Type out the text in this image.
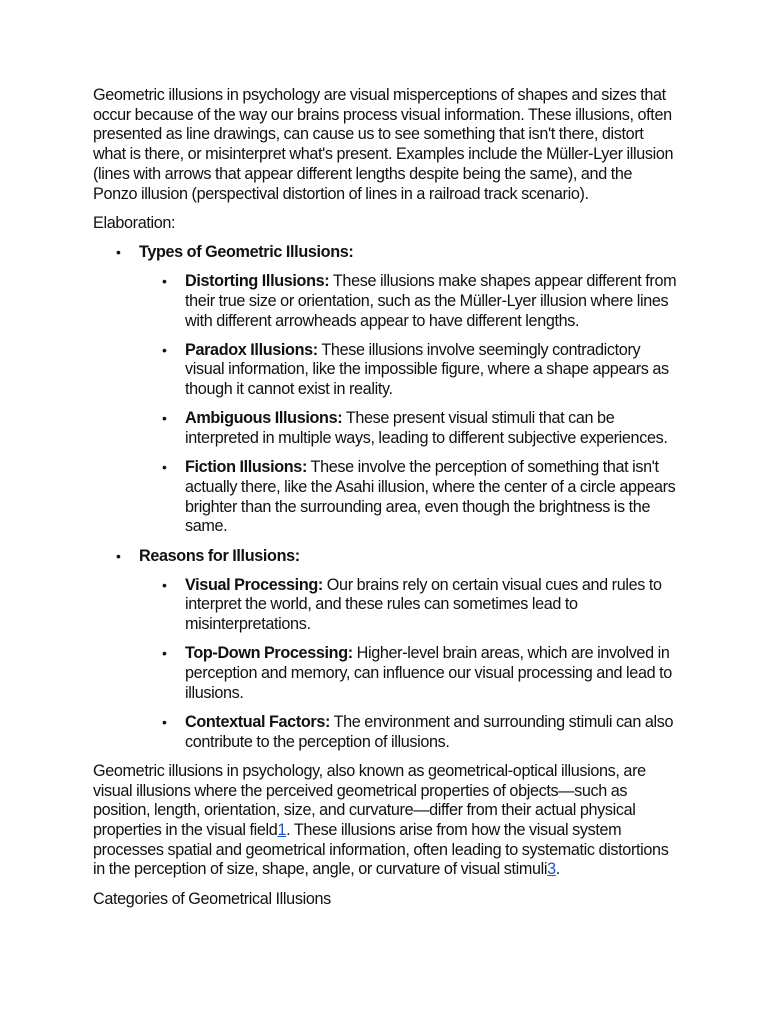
Geometric illusions in psychology are visual misperceptions of shapes and sizes that occur because of the way our brains process visual information. These illusions, often presented as line drawings, can cause us to see something that isn't there, distort what is there, or misinterpret what's present. Examples include the Müller-Lyer illusion (lines with arrows that appear different lengths despite being the same), and the Ponzo illusion (perspectival distortion of lines in a railroad track scenario).

Elaboration:

• Types of Geometric Illusions:
• Distorting Illusions: These illusions make shapes appear different from their true size or orientation, such as the Müller-Lyer illusion where lines with different arrowheads appear to have different lengths.
• Paradox Illusions: These illusions involve seemingly contradictory visual information, like the impossible figure, where a shape appears as though it cannot exist in reality.
• Ambiguous Illusions: These present visual stimuli that can be interpreted in multiple ways, leading to different subjective experiences.
• Fiction Illusions: These involve the perception of something that isn't actually there, like the Asahi illusion, where the center of a circle appears brighter than the surrounding area, even though the brightness is the same.
• Reasons for Illusions:
• Visual Processing: Our brains rely on certain visual cues and rules to interpret the world, and these rules can sometimes lead to misinterpretations.
• Top-Down Processing: Higher-level brain areas, which are involved in perception and memory, can influence our visual processing and lead to illusions.
• Contextual Factors: The environment and surrounding stimuli can also contribute to the perception of illusions.

Geometric illusions in psychology, also known as geometrical-optical illusions, are visual illusions where the perceived geometrical properties of objects—such as position, length, orientation, size, and curvature—differ from their actual physical properties in the visual field1. These illusions arise from how the visual system processes spatial and geometrical information, often leading to systematic distortions in the perception of size, shape, angle, or curvature of visual stimuli3.

Categories of Geometrical Illusions
